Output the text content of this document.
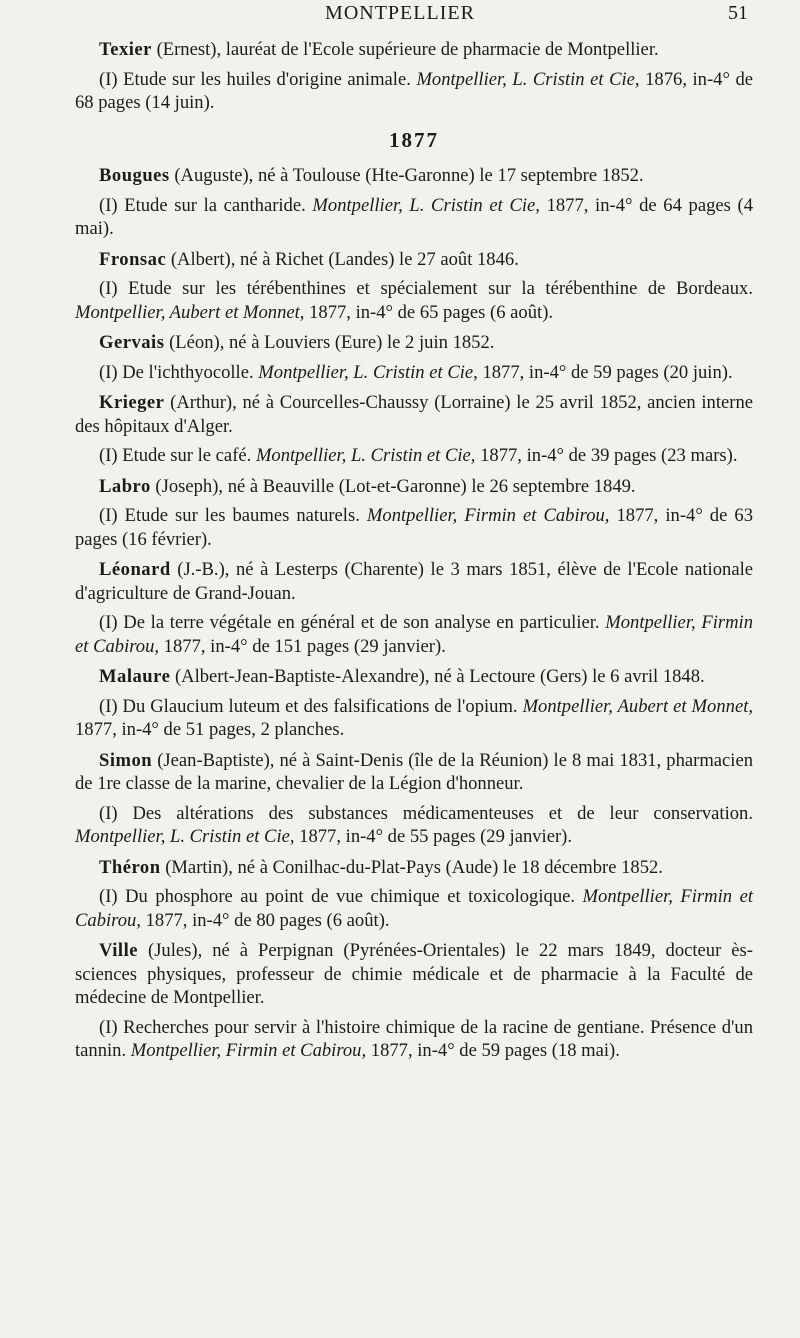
MONTPELLIER	51

Texier (Ernest), lauréat de l'Ecole supérieure de pharmacie de Montpellier.

(I) Etude sur les huiles d'origine animale. Montpellier, L. Cristin et Cie, 1876, in-4° de 68 pages (14 juin).

1877

Bougues (Auguste), né à Toulouse (Hte-Garonne) le 17 septembre 1852.

(I) Etude sur la cantharide. Montpellier, L. Cristin et Cie, 1877, in-4° de 64 pages (4 mai).

Fronsac (Albert), né à Richet (Landes) le 27 août 1846.

(I) Etude sur les térébenthines et spécialement sur la térébenthine de Bordeaux. Montpellier, Aubert et Monnet, 1877, in-4° de 65 pages (6 août).

Gervais (Léon), né à Louviers (Eure) le 2 juin 1852.

(I) De l'ichthyocolle. Montpellier, L. Cristin et Cie, 1877, in-4° de 59 pages (20 juin).

Krieger (Arthur), né à Courcelles-Chaussy (Lorraine) le 25 avril 1852, ancien interne des hôpitaux d'Alger.

(I) Etude sur le café. Montpellier, L. Cristin et Cie, 1877, in-4° de 39 pages (23 mars).

Labro (Joseph), né à Beauville (Lot-et-Garonne) le 26 septembre 1849.

(I) Etude sur les baumes naturels. Montpellier, Firmin et Cabirou, 1877, in-4° de 63 pages (16 février).

Léonard (J.-B.), né à Lesterps (Charente) le 3 mars 1851, élève de l'Ecole nationale d'agriculture de Grand-Jouan.

(I) De la terre végétale en général et de son analyse en particulier. Montpellier, Firmin et Cabirou, 1877, in-4° de 151 pages (29 janvier).

Malaure (Albert-Jean-Baptiste-Alexandre), né à Lectoure (Gers) le 6 avril 1848.

(I) Du Glaucium luteum et des falsifications de l'opium. Montpellier, Aubert et Monnet, 1877, in-4° de 51 pages, 2 planches.

Simon (Jean-Baptiste), né à Saint-Denis (île de la Réunion) le 8 mai 1831, pharmacien de 1re classe de la marine, chevalier de la Légion d'honneur.

(I) Des altérations des substances médicamenteuses et de leur conservation. Montpellier, L. Cristin et Cie, 1877, in-4° de 55 pages (29 janvier).

Théron (Martin), né à Conilhac-du-Plat-Pays (Aude) le 18 décembre 1852.

(I) Du phosphore au point de vue chimique et toxicologique. Montpellier, Firmin et Cabirou, 1877, in-4° de 80 pages (6 août).

Ville (Jules), né à Perpignan (Pyrénées-Orientales) le 22 mars 1849, docteur ès-sciences physiques, professeur de chimie médicale et de pharmacie à la Faculté de médecine de Montpellier.

(I) Recherches pour servir à l'histoire chimique de la racine de gentiane. Présence d'un tannin. Montpellier, Firmin et Cabirou, 1877, in-4° de 59 pages (18 mai).
